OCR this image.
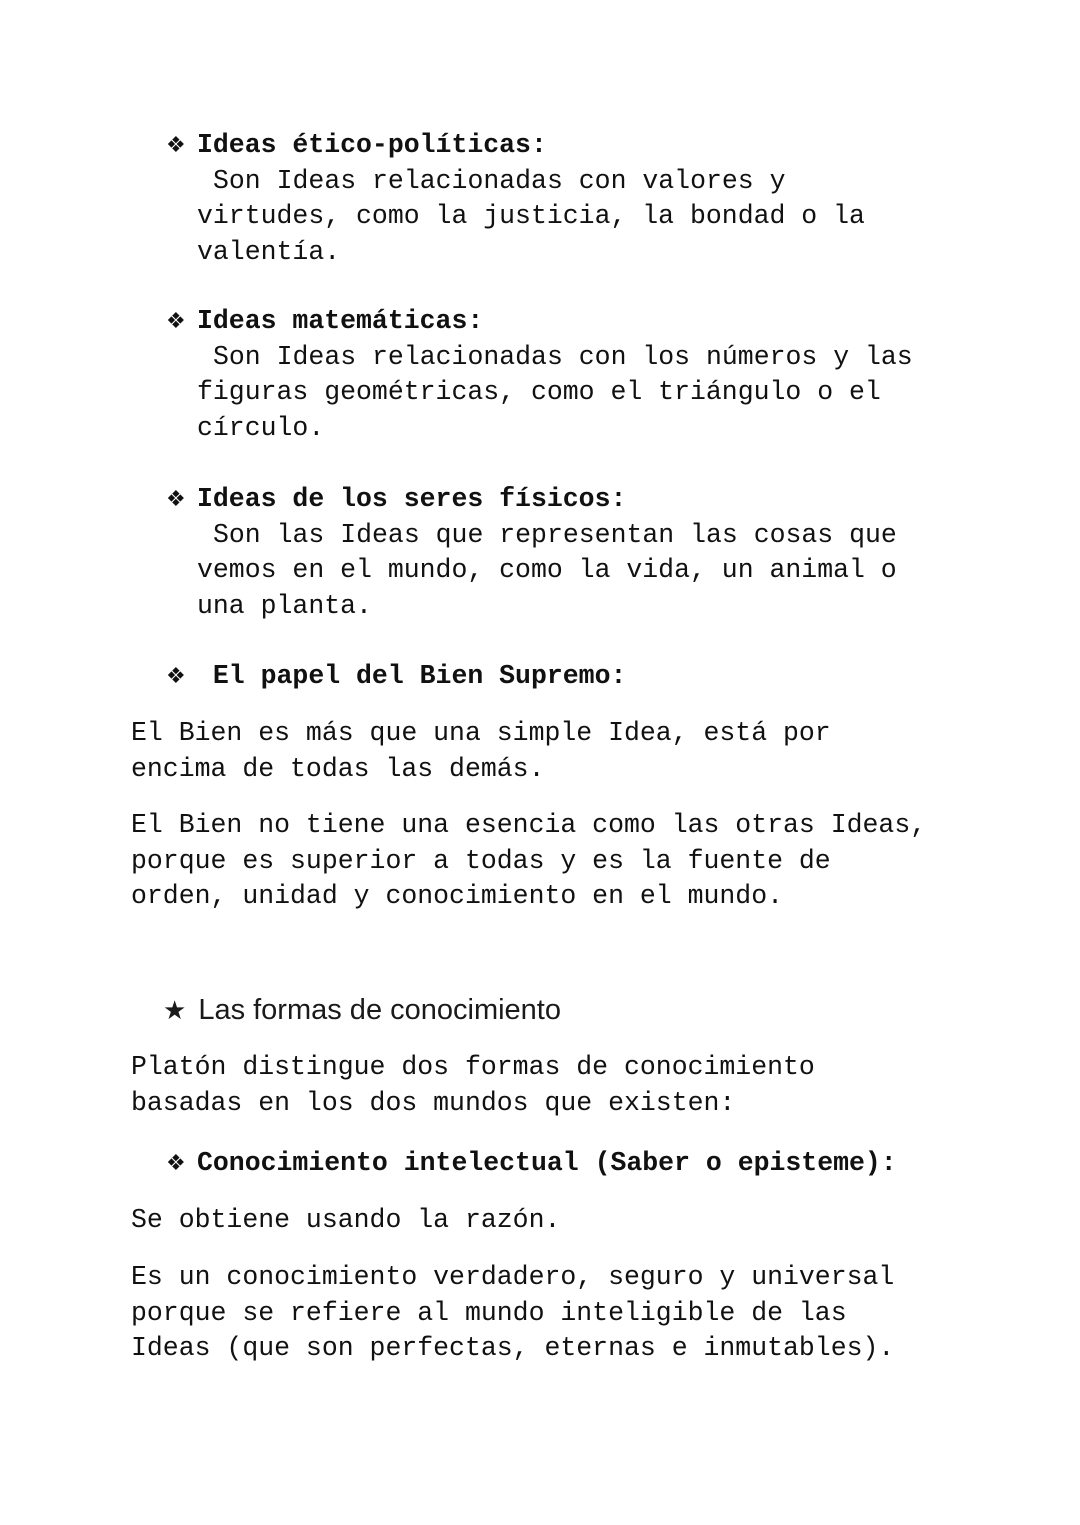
❖ Ideas ético-políticas:
Son Ideas relacionadas con valores y
virtudes, como la justicia, la bondad o la
valentía.
❖ Ideas matemáticas:
Son Ideas relacionadas con los números y las
figuras geométricas, como el triángulo o el
círculo.
❖ Ideas de los seres físicos:
Son las Ideas que representan las cosas que
vemos en el mundo, como la vida, un animal o
una planta.
❖ El papel del Bien Supremo:
El Bien es más que una simple Idea, está por
encima de todas las demás.
El Bien no tiene una esencia como las otras Ideas,
porque es superior a todas y es la fuente de
orden, unidad y conocimiento en el mundo.
★ Las formas de conocimiento
Platón distingue dos formas de conocimiento
basadas en los dos mundos que existen:
❖ Conocimiento intelectual (Saber o episteme):
Se obtiene usando la razón.
Es un conocimiento verdadero, seguro y universal
porque se refiere al mundo inteligible de las
Ideas (que son perfectas, eternas e inmutables).
